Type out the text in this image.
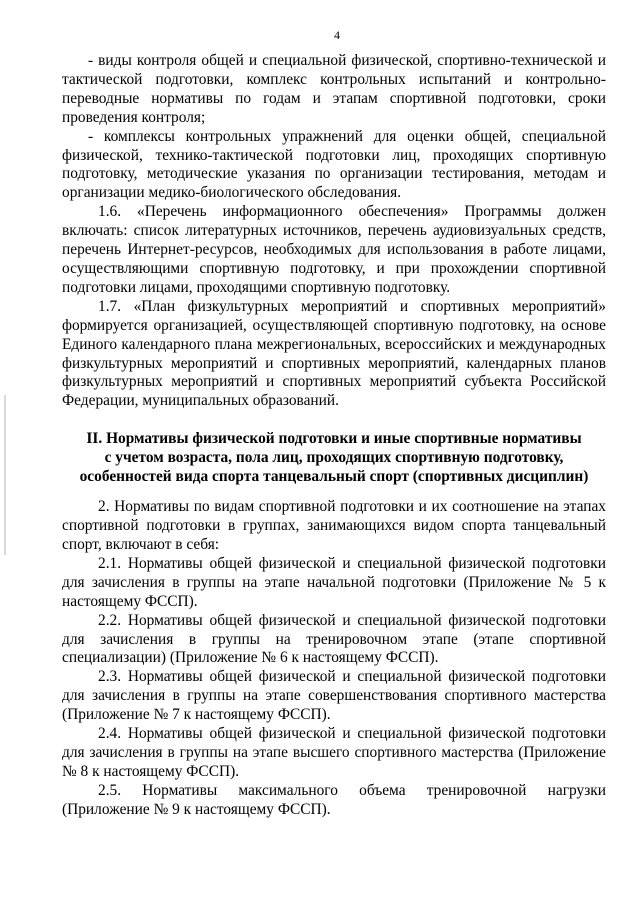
4

- виды контроля общей и специальной физической, спортивно-технической и тактической подготовки, комплекс контрольных испытаний и контрольно-переводные нормативы по годам и этапам спортивной подготовки, сроки проведения контроля;

- комплексы контрольных упражнений для оценки общей, специальной физической, технико-тактической подготовки лиц, проходящих спортивную подготовку, методические указания по организации тестирования, методам и организации медико-биологического обследования.

1.6. «Перечень информационного обеспечения» Программы должен включать: список литературных источников, перечень аудиовизуальных средств, перечень Интернет-ресурсов, необходимых для использования в работе лицами, осуществляющими спортивную подготовку, и при прохождении спортивной подготовки лицами, проходящими спортивную подготовку.

1.7. «План физкультурных мероприятий и спортивных мероприятий» формируется организацией, осуществляющей спортивную подготовку, на основе Единого календарного плана межрегиональных, всероссийских и международных физкультурных мероприятий и спортивных мероприятий, календарных планов физкультурных мероприятий и спортивных мероприятий субъекта Российской Федерации, муниципальных образований.

II. Нормативы физической подготовки и иные спортивные нормативы
с учетом возраста, пола лиц, проходящих спортивную подготовку,
особенностей вида спорта танцевальный спорт (спортивных дисциплин)

2. Нормативы по видам спортивной подготовки и их соотношение на этапах спортивной подготовки в группах, занимающихся видом спорта танцевальный спорт, включают в себя:

2.1. Нормативы общей физической и специальной физической подготовки для зачисления в группы на этапе начальной подготовки (Приложение № 5 к настоящему ФССП).

2.2. Нормативы общей физической и специальной физической подготовки для зачисления в группы на тренировочном этапе (этапе спортивной специализации) (Приложение № 6 к настоящему ФССП).

2.3. Нормативы общей физической и специальной физической подготовки для зачисления в группы на этапе совершенствования спортивного мастерства (Приложение № 7 к настоящему ФССП).

2.4. Нормативы общей физической и специальной физической подготовки для зачисления в группы на этапе высшего спортивного мастерства (Приложение № 8 к настоящему ФССП).

2.5. Нормативы максимального объема тренировочной нагрузки (Приложение № 9 к настоящему ФССП).
